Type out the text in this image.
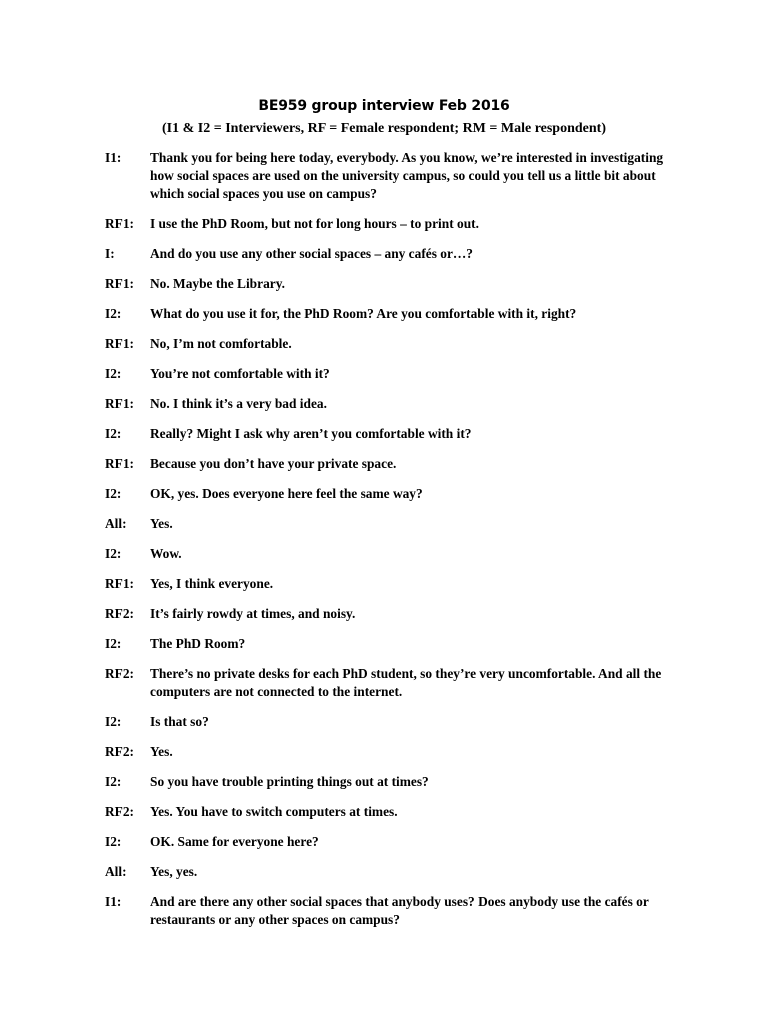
BE959 group interview Feb 2016

(I1 & I2 = Interviewers, RF = Female respondent; RM = Male respondent)

I1:	Thank you for being here today, everybody. As you know, we’re interested in investigating how social spaces are used on the university campus, so could you tell us a little bit about which social spaces you use on campus?
RF1:	I use the PhD Room, but not for long hours – to print out.
I:	And do you use any other social spaces – any cafés or…?
RF1:	No. Maybe the Library.
I2:	What do you use it for, the PhD Room? Are you comfortable with it, right?
RF1:	No, I’m not comfortable.
I2:	You’re not comfortable with it?
RF1:	No. I think it’s a very bad idea.
I2:	Really? Might I ask why aren’t you comfortable with it?
RF1:	Because you don’t have your private space.
I2:	OK, yes. Does everyone here feel the same way?
All:	Yes.
I2:	Wow.
RF1:	Yes, I think everyone.
RF2:	It’s fairly rowdy at times, and noisy.
I2:	The PhD Room?
RF2:	There’s no private desks for each PhD student, so they’re very uncomfortable. And all the computers are not connected to the internet.
I2:	Is that so?
RF2:	Yes.
I2:	So you have trouble printing things out at times?
RF2:	Yes. You have to switch computers at times.
I2:	OK. Same for everyone here?
All:	Yes, yes.
I1:	And are there any other social spaces that anybody uses? Does anybody use the cafés or restaurants or any other spaces on campus?
